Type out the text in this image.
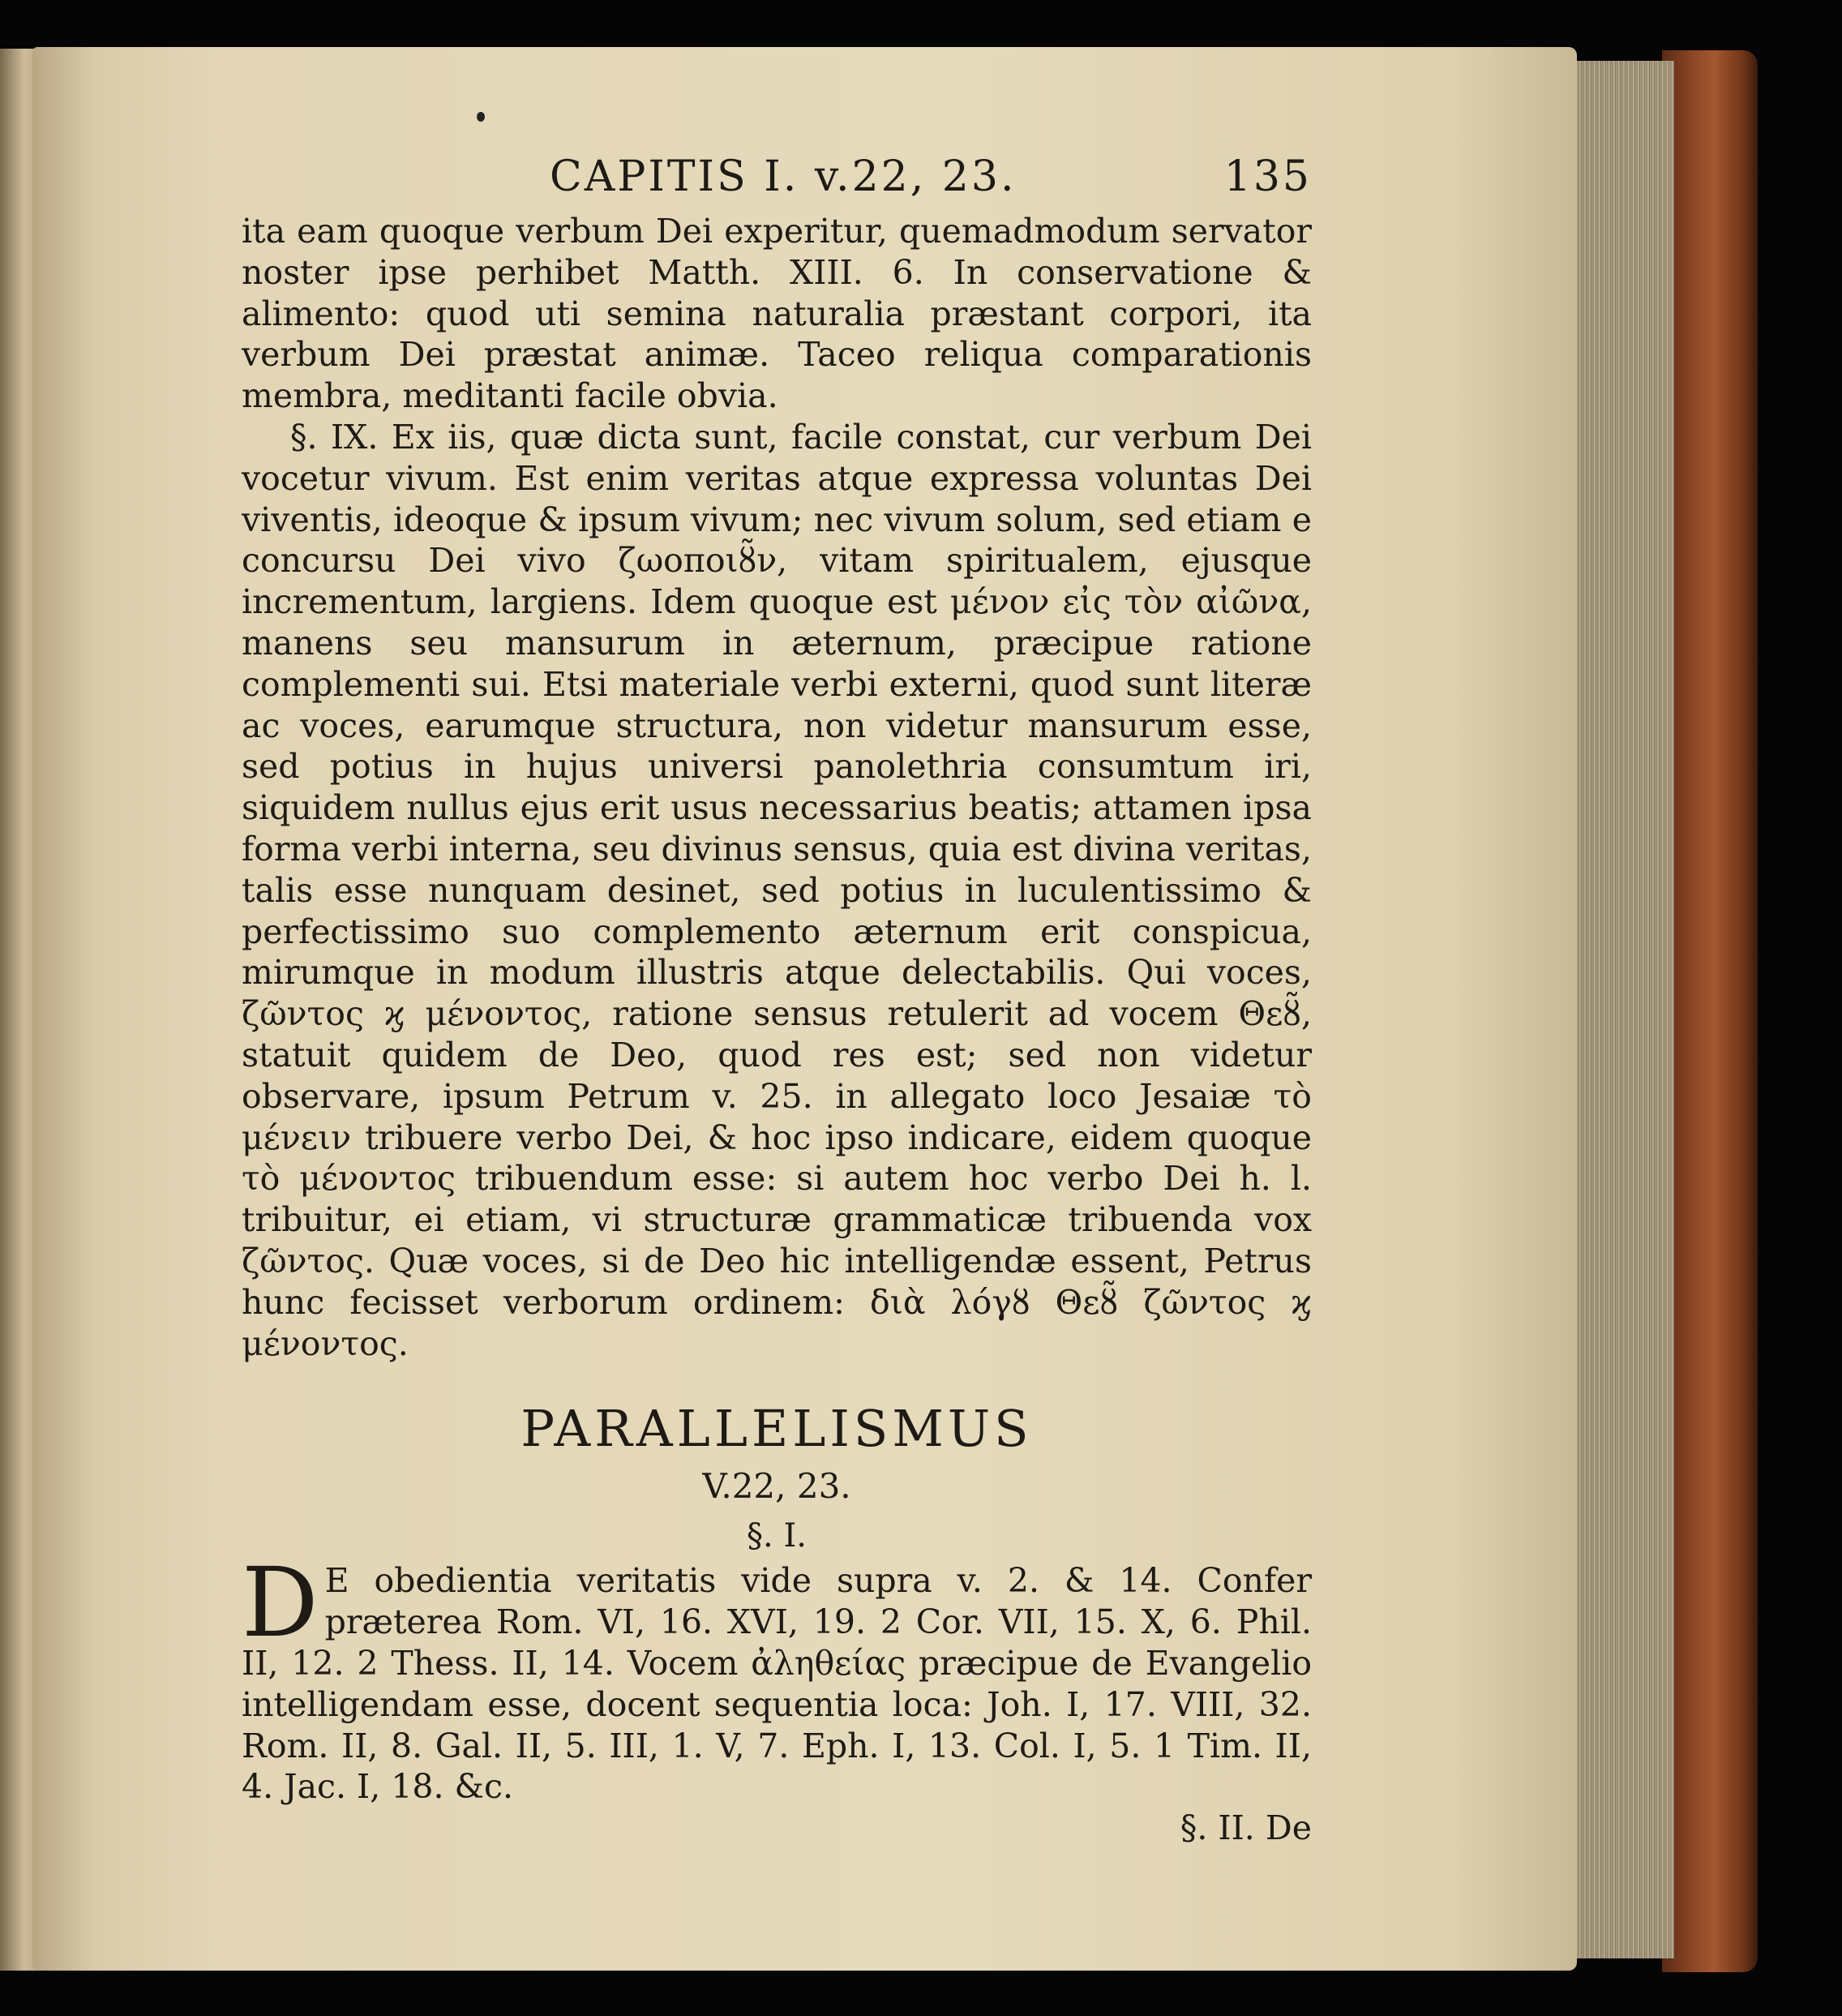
CAPITIS I. v.22, 23.	135

ita eam quoque verbum Dei experitur, quemadmodum servator noster ipse perhibet Matth. XIII. 6. In conservatione & alimento: quod uti semina naturalia præstant corpori, ita verbum Dei præstat animæ. Taceo reliqua comparationis membra, meditanti facile obvia.

§. IX. Ex iis, quæ dicta sunt, facile constat, cur verbum Dei vocetur vivum. Est enim veritas atque expressa voluntas Dei viventis, ideoque & ipsum vivum; nec vivum solum, sed etiam e concursu Dei vivo ζωοποιȣ̃ν, vitam spiritualem, ejusque incrementum, largiens. Idem quoque est μένον εἰς τὸν αἰῶνα, manens seu mansurum in æternum, præcipue ratione complementi sui. Etsi materiale verbi externi, quod sunt literæ ac voces, earumque structura, non videtur mansurum esse, sed potius in hujus universi panolethria consumtum iri, siquidem nullus ejus erit usus necessarius beatis; attamen ipsa forma verbi interna, seu divinus sensus, quia est divina veritas, talis esse nunquam desinet, sed potius in luculentissimo & perfectissimo suo complemento æternum erit conspicua, mirumque in modum illustris atque delectabilis. Qui voces, ζῶντος ϗ μένοντος, ratione sensus retulerit ad vocem Θεȣ̃, statuit quidem de Deo, quod res est; sed non videtur observare, ipsum Petrum v. 25. in allegato loco Jesaiæ τὸ μένειν tribuere verbo Dei, & hoc ipso indicare, eidem quoque τὸ μένοντος tribuendum esse: si autem hoc verbo Dei h. l. tribuitur, ei etiam, vi structuræ grammaticæ tribuenda vox ζῶντος. Quæ voces, si de Deo hic intelligendæ essent, Petrus hunc fecisset verborum ordinem: διὰ λόγȣ Θεȣ̃ ζῶντος ϗ μένοντος.

PARALLELISMUS
V.22, 23.
§. I.
D E obedientia veritatis vide supra v. 2. & 14. Confer præterea Rom. VI, 16. XVI, 19. 2 Cor. VII, 15. X, 6. Phil. II, 12. 2 Thess. II, 14. Vocem ἀληθείας præcipue de Evangelio intelligendam esse, docent sequentia loca: Joh. I, 17. VIII, 32. Rom. II, 8. Gal. II, 5. III, 1. V, 7. Eph. I, 13. Col. I, 5. 1 Tim. II, 4. Jac. I, 18. &c.
§. II. De
